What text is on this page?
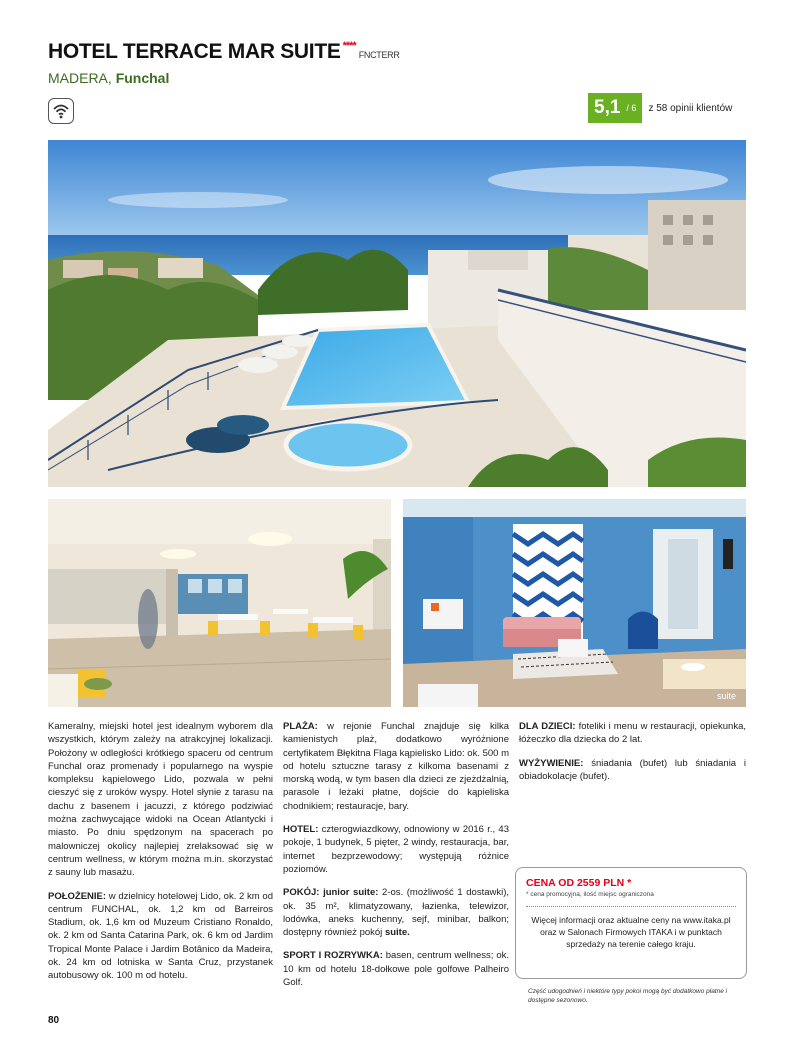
HOTEL TERRACE MAR SUITE ****FNCTERR
MADERA, Funchal
5,1 / 6 z 58 opinii klientów
suite

Kameralny, miejski hotel jest idealnym wyborem dla wszystkich, którym zależy na atrakcyjnej lokalizacji. Położony w odległości krótkiego spaceru od centrum Funchal oraz promenady i popularnego na wyspie kompleksu kąpielowego Lido, pozwala w pełni cieszyć się z uroków wyspy. Hotel słynie z tarasu na dachu z basenem i jacuzzi, z którego podziwiać można zachwycające widoki na Ocean Atlantycki i miasto. Po dniu spędzonym na spacerach po malowniczej okolicy najlepiej zrelaksować się w centrum wellness, w którym można m.in. skorzystać z sauny lub masażu.

POŁOŻENIE: w dzielnicy hotelowej Lido, ok. 2 km od centrum FUNCHAL, ok. 1,2 km od Barreiros Stadium, ok. 1,6 km od Muzeum Cristiano Ronaldo, ok. 2 km od Santa Catarina Park, ok. 6 km od Jardim Tropical Monte Palace i Jardim Botânico da Madeira, ok. 24 km od lotniska w Santa Cruz, przystanek autobusowy ok. 100 m od hotelu.

PLAŻA: w rejonie Funchal znajduje się kilka kamienistych plaż, dodatkowo wyróżnione certyfikatem Błękitna Flaga kąpielisko Lido: ok. 500 m od hotelu sztuczne tarasy z kilkoma basenami z morską wodą, w tym basen dla dzieci ze zjeżdżalnią, parasole i leżaki płatne, dojście do kąpieliska chodnikiem; restauracje, bary.

HOTEL: czterogwiazdkowy, odnowiony w 2016 r., 43 pokoje, 1 budynek, 5 pięter, 2 windy, restauracja, bar, internet bezprzewodowy; występują różnice poziomów.

POKÓJ: junior suite: 2-os. (możliwość 1 dostawki), ok. 35 m², klimatyzowany, łazienka, telewizor, lodówka, aneks kuchenny, sejf, minibar, balkon; dostępny również pokój suite.

SPORT I ROZRYWKA: basen, centrum wellness; ok. 10 km od hotelu 18-dołkowe pole golfowe Palheiro Golf.

DLA DZIECI: foteliki i menu w restauracji, opiekunka, łóżeczko dla dziecka do 2 lat.

WYŻYWIENIE: śniadania (bufet) lub śniadania i obiadokolacje (bufet).

CENA OD 2559 PLN *
* cena promocyjna, ilość miejsc ograniczona
Więcej informacji oraz aktualne ceny na www.itaka.pl oraz w Salonach Firmowych ITAKA i w punktach sprzedaży na terenie całego kraju.
Część udogodnień i niektóre typy pokoi mogą być dodatkowo płatne i dostępne sezonowo.
80
